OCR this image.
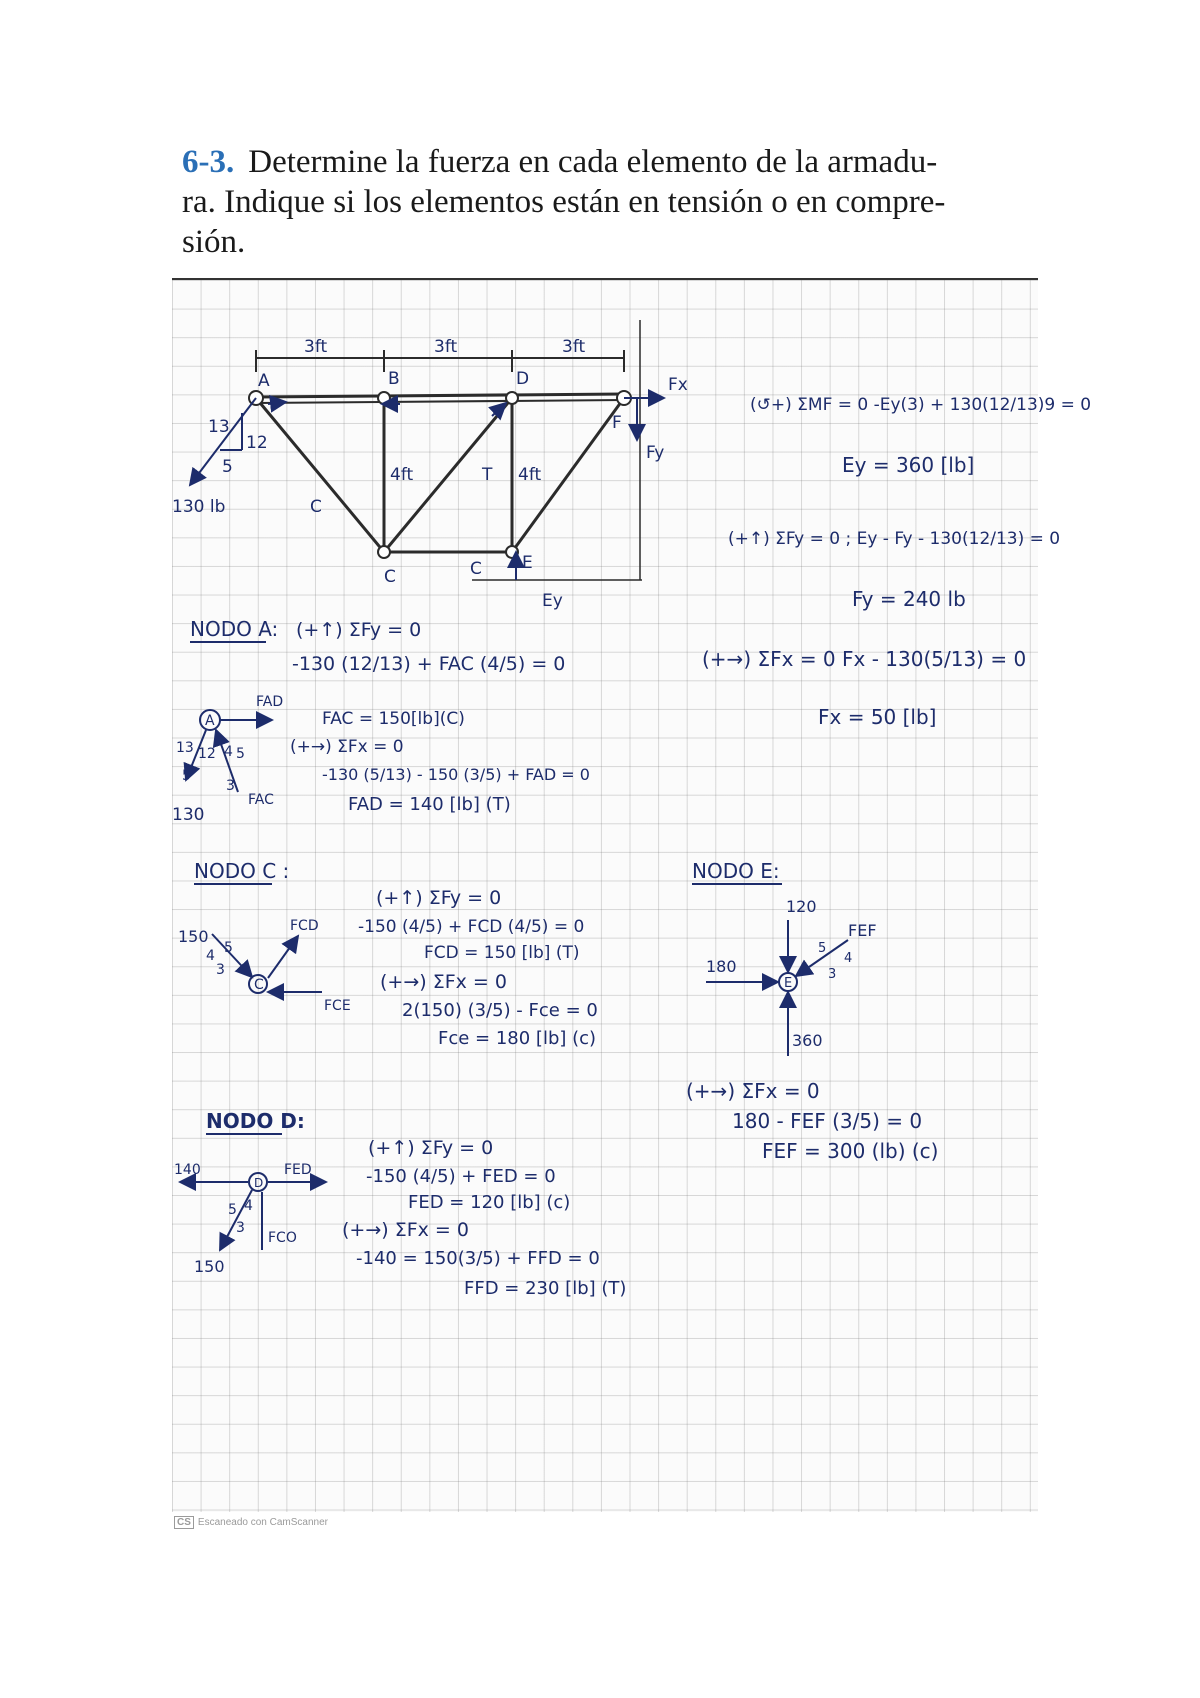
6-3. Determine la fuerza en cada elemento de la armadu-
ra. Indique si los elementos están en tensión o en compre-
sión.
3ft	3ft	3ft
4ft	4ft
A	B	D
F
C
E
130 lb
13
12
5
Fx
Fy
Ey
C
T
C
(↺+) ΣMF = 0 -Ey(3) + 130(12/13)9 = 0
Ey = 360 [lb]
(+↑) ΣFy = 0 ; Ey - Fy - 130(12/13) = 0
Fy = 240 lb
(+→) ΣFx = 0 Fx - 130(5/13) = 0
Fx = 50 [lb]
NODO A: (+↑) ΣFy = 0
-130 (12/13) + FAC (4/5) = 0
FAC = 150[lb](C)
(+→) ΣFx = 0
-130 (5/13) - 150 (3/5) + FAD = 0
FAD = 140 [lb] (T)
A
FAD
FAC
13 12
5
4 5
3
130
NODO C :
(+↑) ΣFy = 0
-150 (4/5) + FCD (4/5) = 0
FCD = 150 [lb] (T)
(+→) ΣFx = 0
2(150) (3/5) - Fce = 0
Fce = 180 [lb] (c)
C
150
FCD
FCE
4 5
3
NODO E:
E
120
180
360
FEF
5
4
3
(+→) ΣFx = 0
180 - FEF (3/5) = 0
FEF = 300 (lb) (c)
NODO D:
(+↑) ΣFy = 0
-150 (4/5) + FED = 0
FED = 120 [lb] (c)
(+→) ΣFx = 0
-140 = 150(3/5) + FFD = 0
FFD = 230 [lb] (T)
D
140	FED
FCO
5 4
3
150
CS Escaneado con CamScanner
